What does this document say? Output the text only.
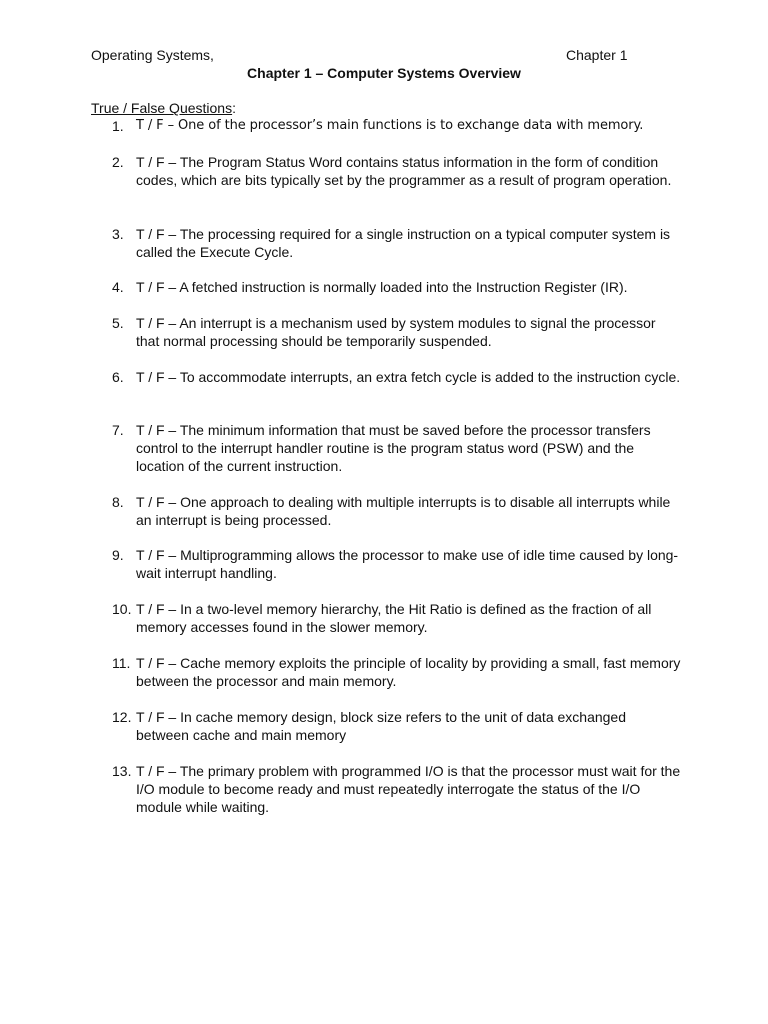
Operating Systems,	Chapter 1
Chapter 1 – Computer Systems Overview
True / False Questions:
1. T / F – One of the processor’s main functions is to exchange data with memory.
2. T / F – The Program Status Word contains status information in the form of condition codes, which are bits typically set by the programmer as a result of program operation.
3. T / F – The processing required for a single instruction on a typical computer system is called the Execute Cycle.
4. T / F – A fetched instruction is normally loaded into the Instruction Register (IR).
5. T / F – An interrupt is a mechanism used by system modules to signal the processor that normal processing should be temporarily suspended.
6. T / F – To accommodate interrupts, an extra fetch cycle is added to the instruction cycle.
7. T / F – The minimum information that must be saved before the processor transfers control to the interrupt handler routine is the program status word (PSW) and the location of the current instruction.
8. T / F – One approach to dealing with multiple interrupts is to disable all interrupts while an interrupt is being processed.
9. T / F – Multiprogramming allows the processor to make use of idle time caused by long-wait interrupt handling.
10. T / F – In a two-level memory hierarchy, the Hit Ratio is defined as the fraction of all memory accesses found in the slower memory.
11. T / F – Cache memory exploits the principle of locality by providing a small, fast memory between the processor and main memory.
12. T / F – In cache memory design, block size refers to the unit of data exchanged between cache and main memory
13. T / F – The primary problem with programmed I/O is that the processor must wait for the I/O module to become ready and must repeatedly interrogate the status of the I/O module while waiting.
